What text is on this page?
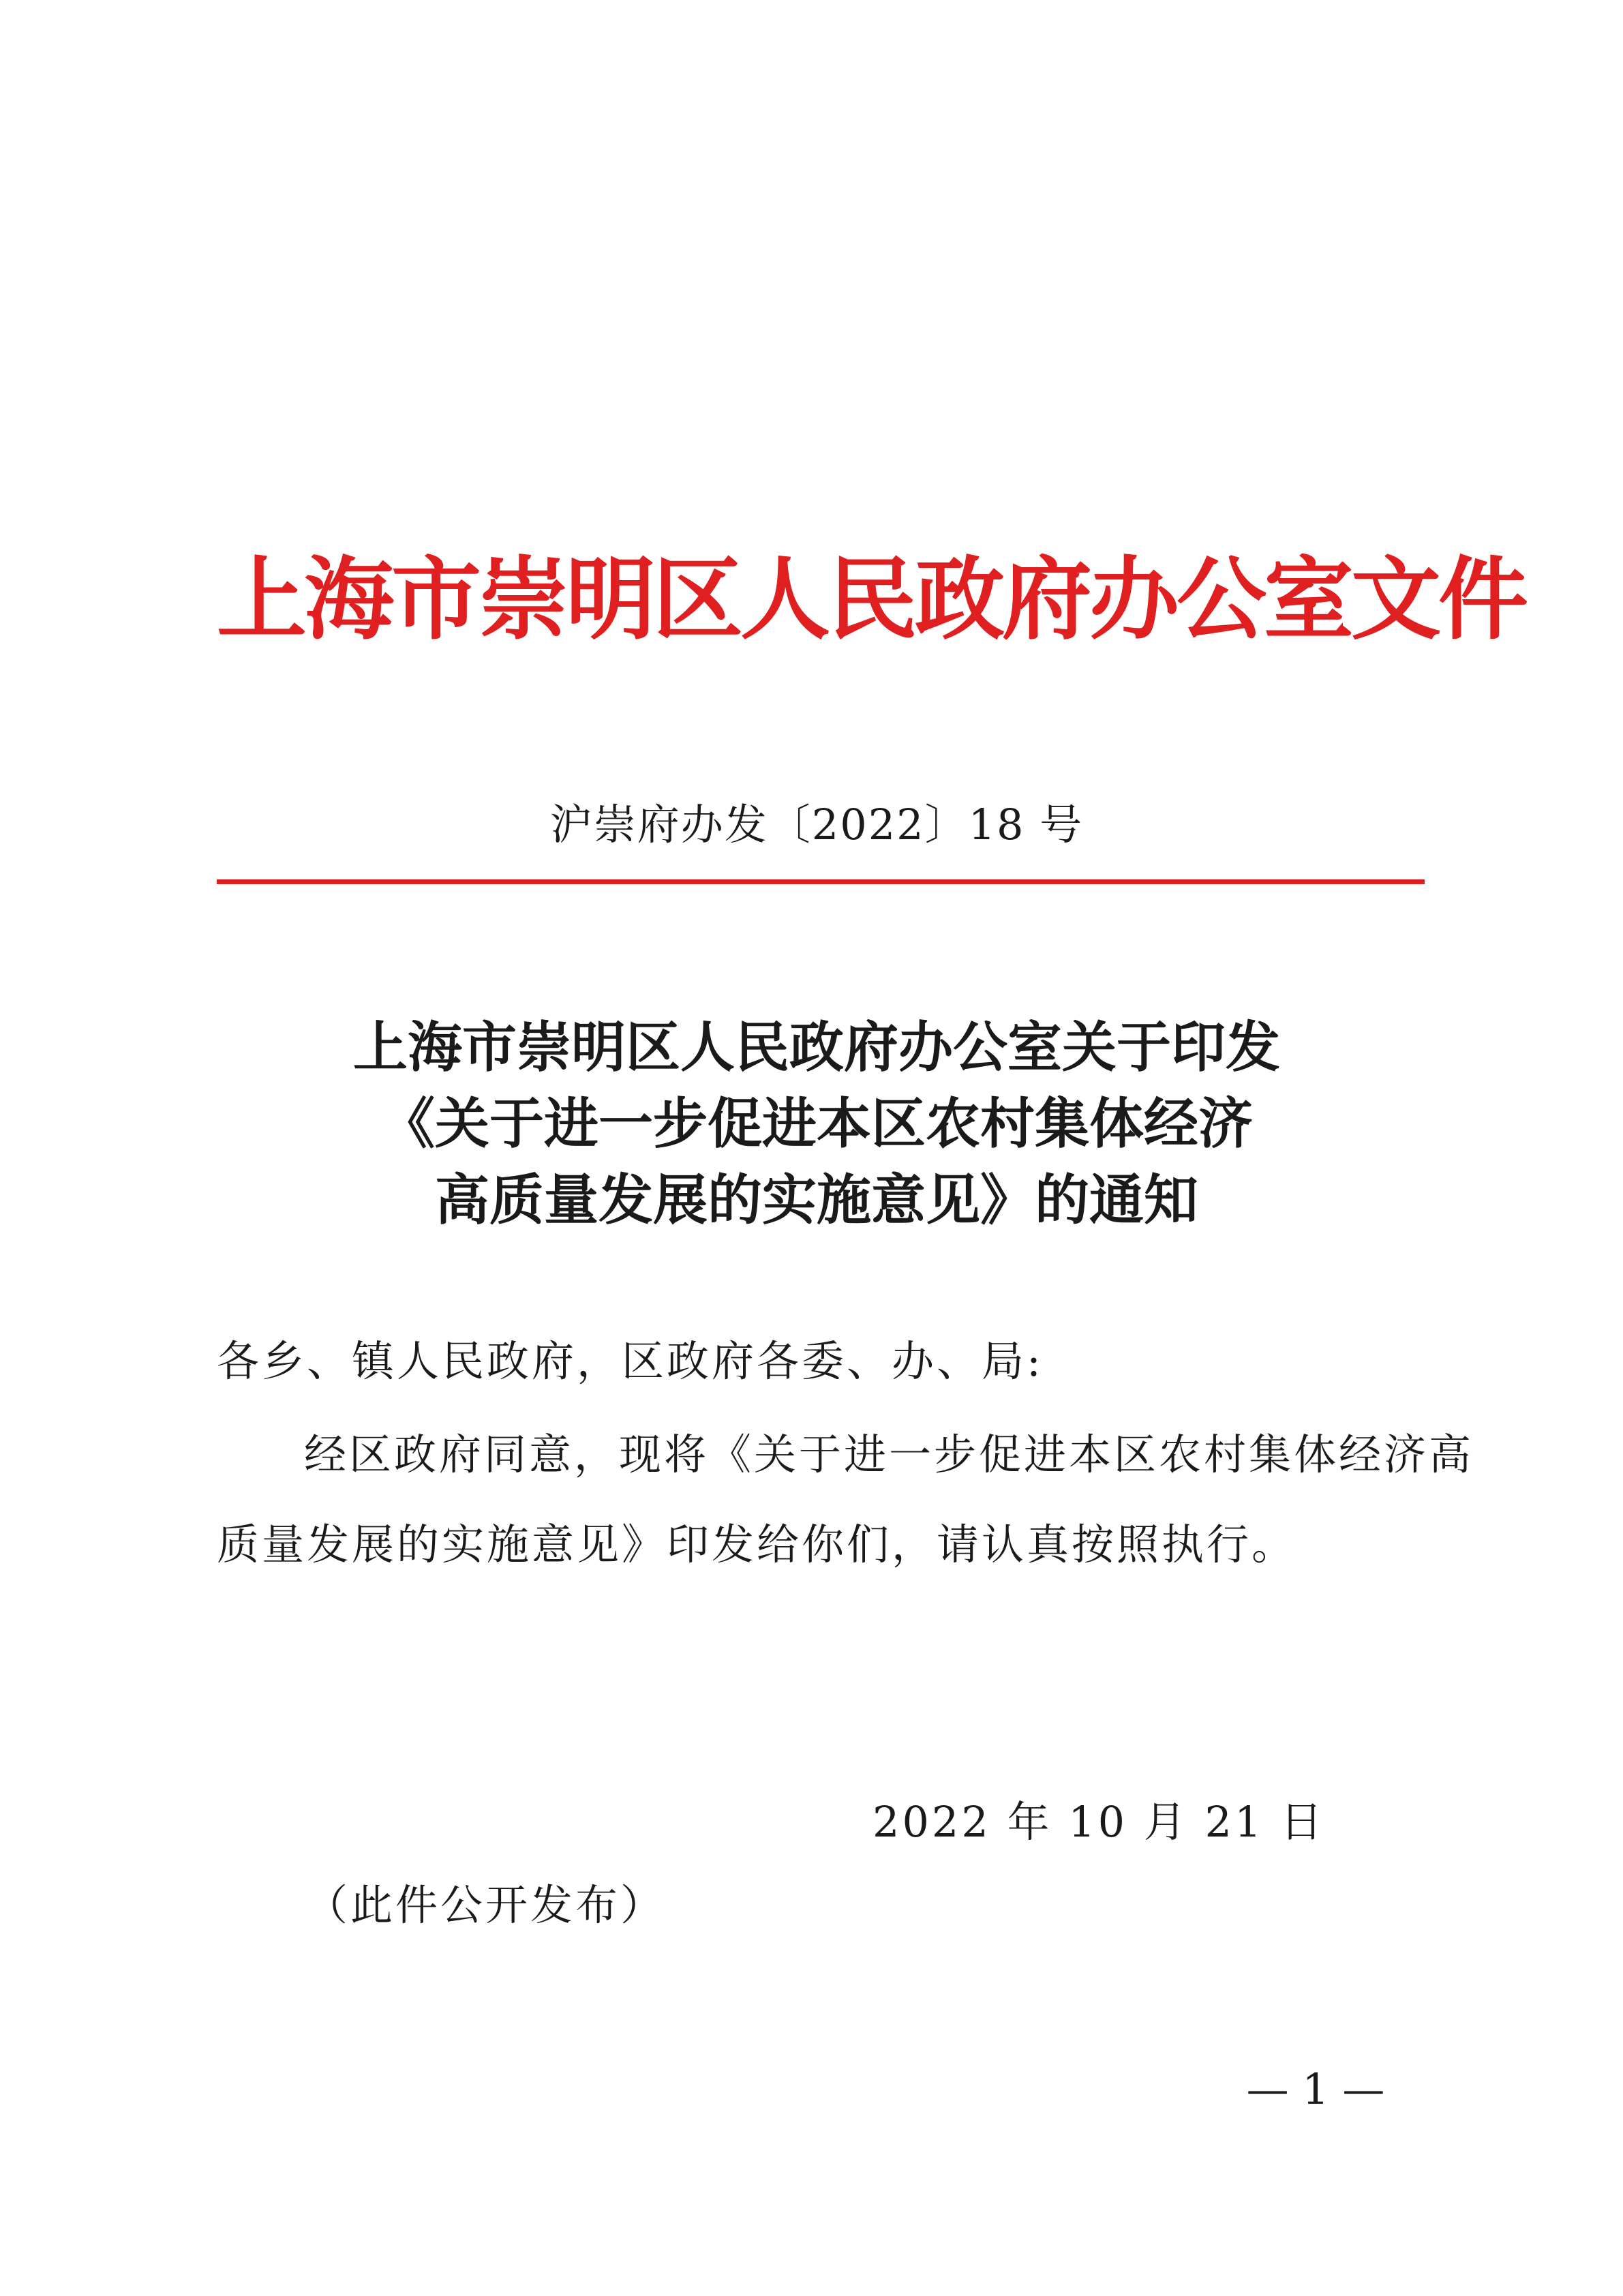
上海市崇明区人民政府办公室文件
沪崇府办发〔2022〕18 号
上海市崇明区人民政府办公室关于印发
《关于进一步促进本区农村集体经济
高质量发展的实施意见》的通知
各乡、镇人民政府，区政府各委、办、局:
经区政府同意，现将《关于进一步促进本区农村集体经济高
质量发展的实施意见》印发给你们，请认真按照执行。
2022 年 10 月 21 日
（此件公开发布）
— 1 —
